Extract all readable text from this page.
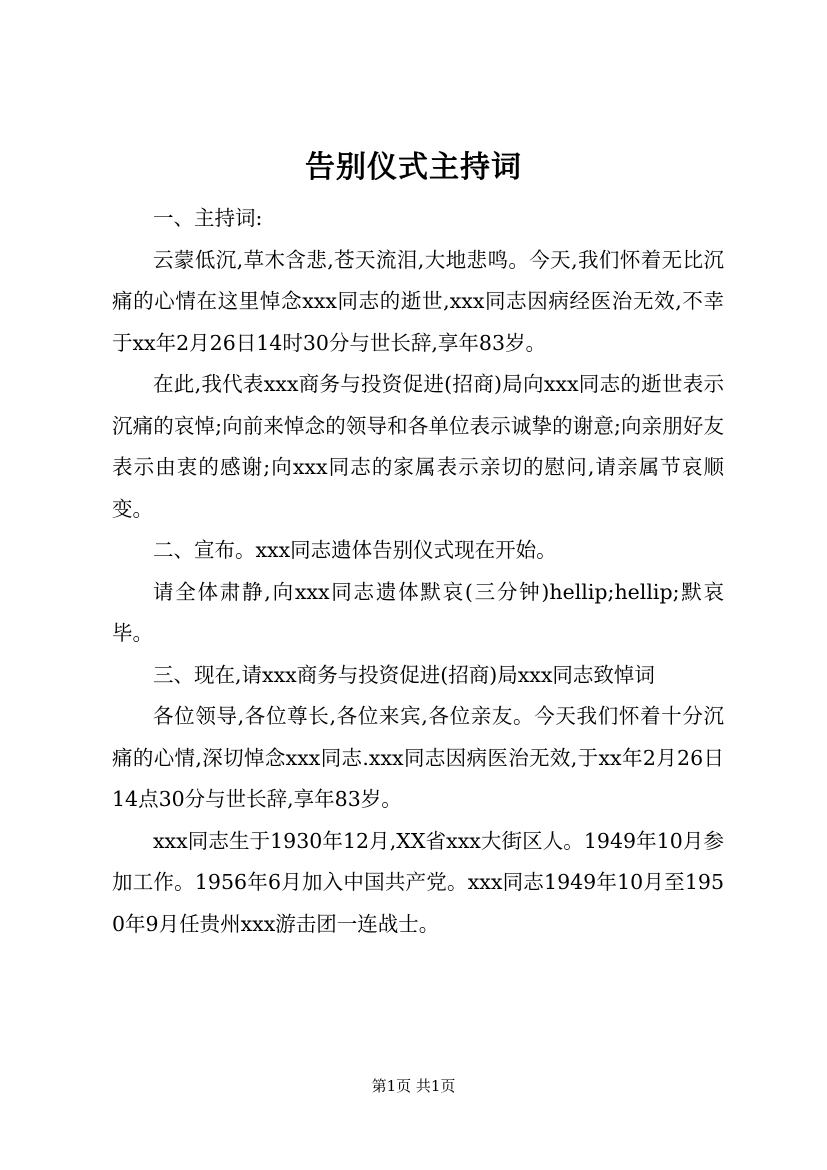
告别仪式主持词

一、主持词:

云蒙低沉,草木含悲,苍天流泪,大地悲鸣。今天,我们怀着无比沉痛的心情在这里悼念xxx同志的逝世,xxx同志因病经医治无效,不幸于xx年2月26日14时30分与世长辞,享年83岁。

在此,我代表xxx商务与投资促进(招商)局向xxx同志的逝世表示沉痛的哀悼;向前来悼念的领导和各单位表示诚挚的谢意;向亲朋好友表示由衷的感谢;向xxx同志的家属表示亲切的慰问,请亲属节哀顺变。

二、宣布。xxx同志遗体告别仪式现在开始。

请全体肃静,向xxx同志遗体默哀(三分钟)hellip;hellip;默哀毕。

三、现在,请xxx商务与投资促进(招商)局xxx同志致悼词

各位领导,各位尊长,各位来宾,各位亲友。今天我们怀着十分沉痛的心情,深切悼念xxx同志.xxx同志因病医治无效,于xx年2月26日14点30分与世长辞,享年83岁。

xxx同志生于1930年12月,XX省xxx大街区人。1949年10月参加工作。1956年6月加入中国共产党。xxx同志1949年10月至1950年9月任贵州xxx游击团一连战士。

第1页 共1页
